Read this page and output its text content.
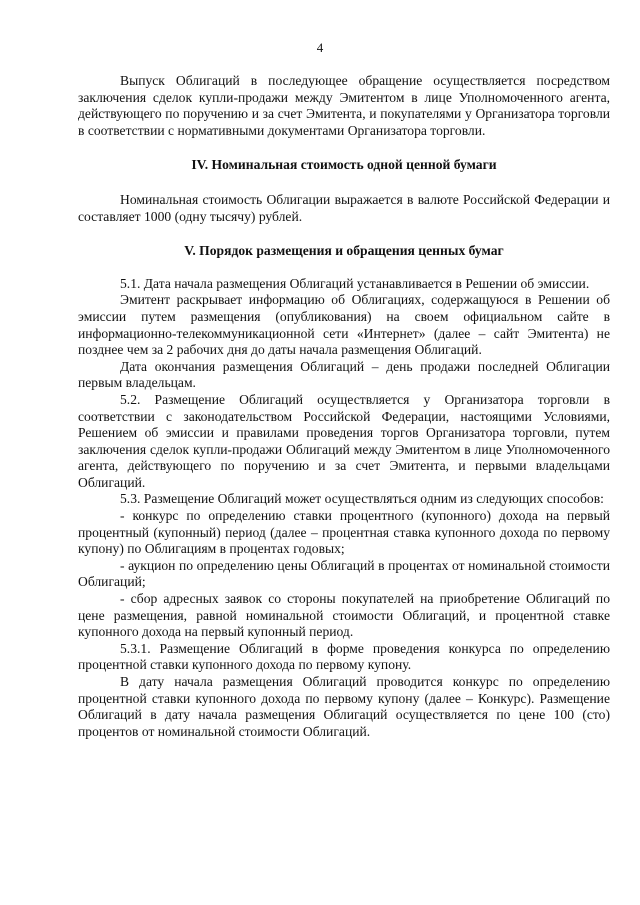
4

Выпуск Облигаций в последующее обращение осуществляется посредством заключения сделок купли-продажи между Эмитентом в лице Уполномоченного агента, действующего по поручению и за счет Эмитента, и покупателями у Организатора торговли в соответствии с нормативными документами Организатора торговли.

IV. Номинальная стоимость одной ценной бумаги

Номинальная стоимость Облигации выражается в валюте Российской Федерации и составляет 1000 (одну тысячу) рублей.

V. Порядок размещения и обращения ценных бумаг

5.1. Дата начала размещения Облигаций устанавливается в Решении об эмиссии.

Эмитент раскрывает информацию об Облигациях, содержащуюся в Решении об эмиссии путем размещения (опубликования) на своем официальном сайте в информационно-телекоммуникационной сети «Интернет» (далее – сайт Эмитента) не позднее чем за 2 рабочих дня до даты начала размещения Облигаций.

Дата окончания размещения Облигаций – день продажи последней Облигации первым владельцам.

5.2. Размещение Облигаций осуществляется у Организатора торговли в соответствии с законодательством Российской Федерации, настоящими Условиями, Решением об эмиссии и правилами проведения торгов Организатора торговли, путем заключения сделок купли-продажи Облигаций между Эмитентом в лице Уполномоченного агента, действующего по поручению и за счет Эмитента, и первыми владельцами Облигаций.

5.3. Размещение Облигаций может осуществляться одним из следующих способов:

- конкурс по определению ставки процентного (купонного) дохода на первый процентный (купонный) период (далее – процентная ставка купонного дохода по первому купону) по Облигациям в процентах годовых;

- аукцион по определению цены Облигаций в процентах от номинальной стоимости Облигаций;

- сбор адресных заявок со стороны покупателей на приобретение Облигаций по цене размещения, равной номинальной стоимости Облигаций, и процентной ставке купонного дохода на первый купонный период.

5.3.1. Размещение Облигаций в форме проведения конкурса по определению процентной ставки купонного дохода по первому купону.

В дату начала размещения Облигаций проводится конкурс по определению процентной ставки купонного дохода по первому купону (далее – Конкурс). Размещение Облигаций в дату начала размещения Облигаций осуществляется по цене 100 (сто) процентов от номинальной стоимости Облигаций.
